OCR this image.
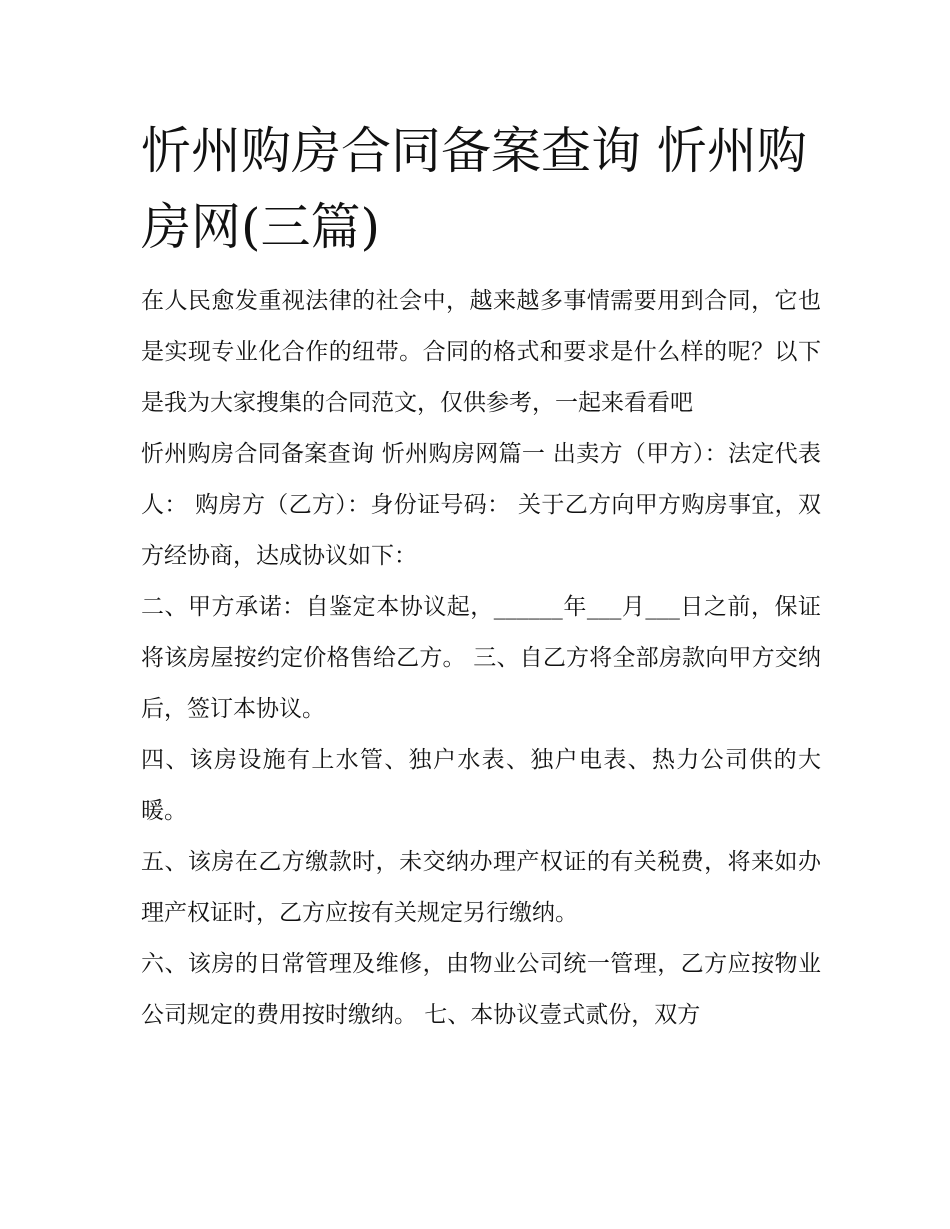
忻州购房合同备案查询 忻州购房网(三篇)

在人民愈发重视法律的社会中，越来越多事情需要用到合同，它也是实现专业化合作的纽带。合同的格式和要求是什么样的呢？以下是我为大家搜集的合同范文，仅供参考，一起来看看吧

忻州购房合同备案查询 忻州购房网篇一 出卖方（甲方）：法定代表人： 购房方（乙方）：身份证号码： 关于乙方向甲方购房事宜，双方经协商，达成协议如下：

二、甲方承诺：自鉴定本协议起，______年___月___日之前，保证将该房屋按约定价格售给乙方。 三、自乙方将全部房款向甲方交纳后，签订本协议。

四、该房设施有上水管、独户水表、独户电表、热力公司供的大暖。

五、该房在乙方缴款时，未交纳办理产权证的有关税费，将来如办理产权证时，乙方应按有关规定另行缴纳。

六、该房的日常管理及维修，由物业公司统一管理，乙方应按物业公司规定的费用按时缴纳。 七、本协议壹式贰份，双方
